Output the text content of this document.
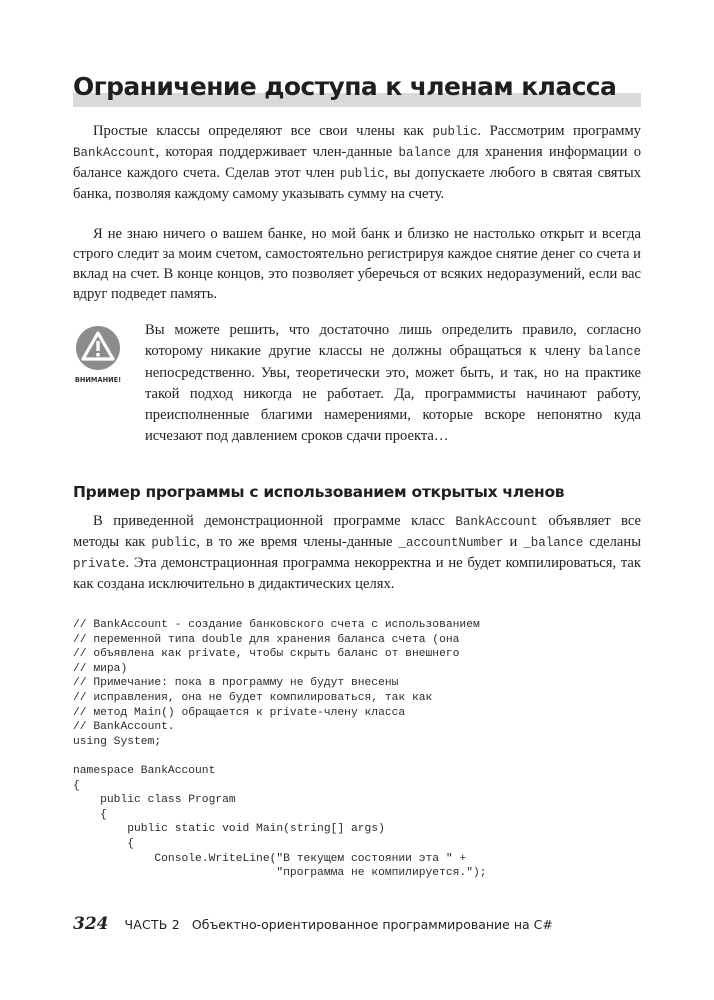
Ограничение доступа к членам класса

Простые классы определяют все свои члены как public. Рассмотрим программу BankAccount, которая поддерживает член-данные balance для хранения информации о балансе каждого счета. Сделав этот член public, вы допускаете любого в святая святых банка, позволяя каждому самому указывать сумму на счету.

Я не знаю ничего о вашем банке, но мой банк и близко не настолько открыт и всегда строго следит за моим счетом, самостоятельно регистрируя каждое снятие денег со счета и вклад на счет. В конце концов, это позволяет уберечься от всяких недоразумений, если вас вдруг подведет память.

ВНИМАНИЕ!

Вы можете решить, что достаточно лишь определить правило, согласно которому никакие другие классы не должны обращаться к члену balance непосредственно. Увы, теоретически это, может быть, и так, но на практике такой подход никогда не работает. Да, программисты начинают работу, преисполненные благими намерениями, которые вскоре непонятно куда исчезают под давлением сроков сдачи проекта…

Пример программы с использованием открытых членов

В приведенной демонстрационной программе класс BankAccount объявляет все методы как public, в то же время члены-данные _accountNumber и _balance сделаны private. Эта демонстрационная программа некорректна и не будет компилироваться, так как создана исключительно в дидактических целях.

// BankAccount - создание банковского счета с использованием
// переменной типа double для хранения баланса счета (она
// объявлена как private, чтобы скрыть баланс от внешнего
// мира)
// Примечание: пока в программу не будут внесены
// исправления, она не будет компилироваться, так как
// метод Main() обращается к private-члену класса
// BankAccount.
using System;

namespace BankAccount
{
public class Program
{
public static void Main(string[] args)
{
Console.WriteLine("В текущем состоянии эта " +
"программа не компилируется.");
324 ЧАСТЬ 2 Объектно-ориентированное программирование на C#
